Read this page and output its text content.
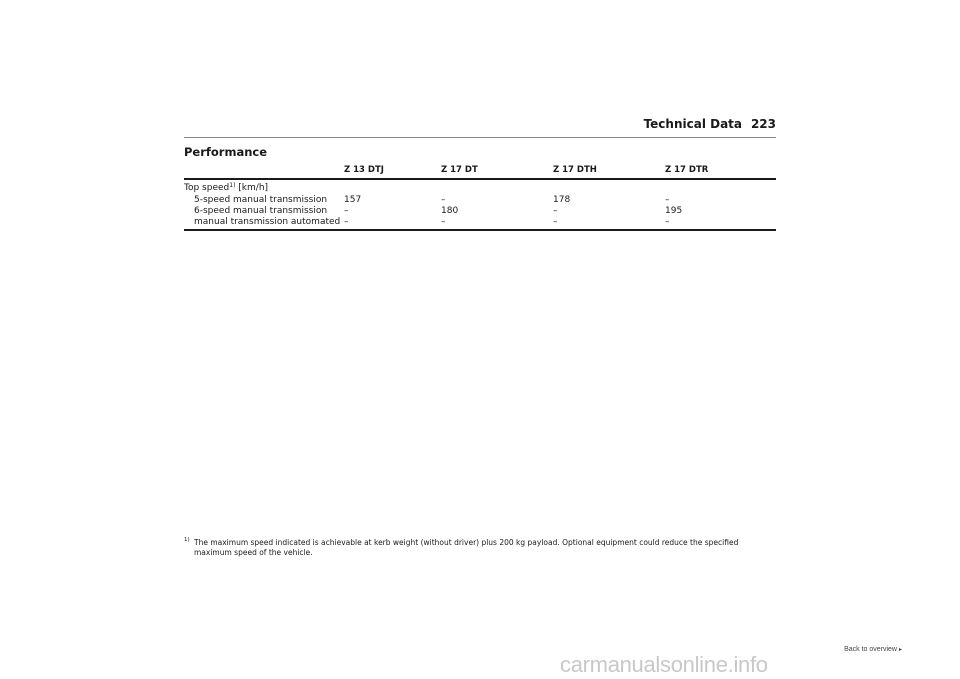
Technical Data 223
Performance
Z 13 DTJ	Z 17 DT	Z 17 DTH	Z 17 DTR
Top speed$^{1)}$ [km/h]
5-speed manual transmission 157	–	178	–
6-speed manual transmission –	180	–	195
manual transmission automated –	–	–	–
1) The maximum speed indicated is achievable at kerb weight (without driver) plus 200 kg payload. Optional equipment could reduce the specified maximum speed of the vehicle.
Back to overview ▸
carmanualsonline.info
